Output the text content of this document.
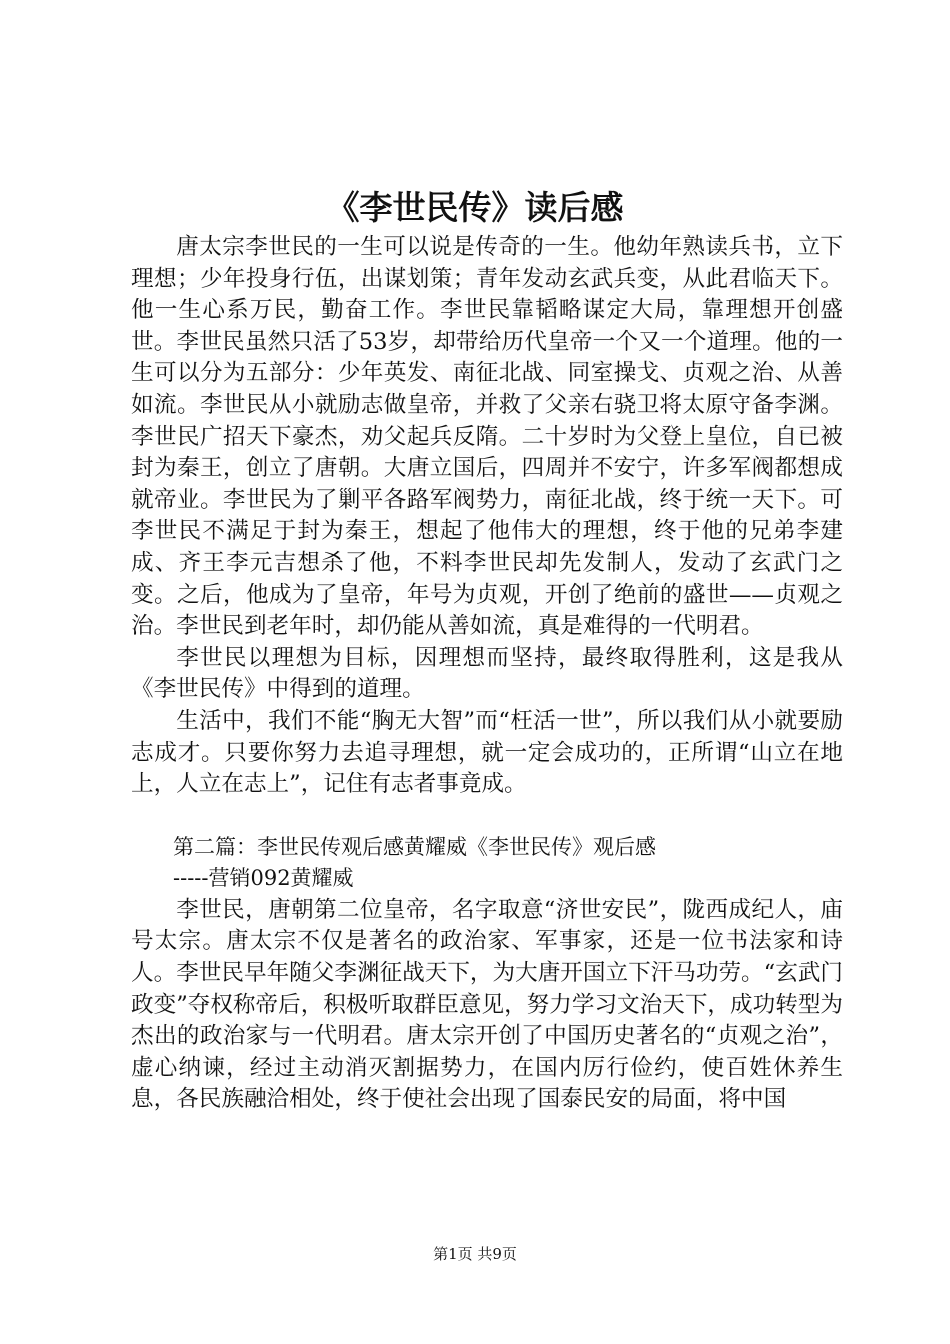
《李世民传》读后感

唐太宗李世民的一生可以说是传奇的一生。他幼年熟读兵书，立下理想；少年投身行伍，出谋划策；青年发动玄武兵变，从此君临天下。他一生心系万民，勤奋工作。李世民靠韬略谋定大局，靠理想开创盛世。李世民虽然只活了53岁，却带给历代皇帝一个又一个道理。他的一生可以分为五部分：少年英发、南征北战、同室操戈、贞观之治、从善如流。李世民从小就励志做皇帝，并救了父亲右骁卫将太原守备李渊。李世民广招天下豪杰，劝父起兵反隋。二十岁时为父登上皇位，自已被封为秦王，创立了唐朝。大唐立国后，四周并不安宁，许多军阀都想成就帝业。李世民为了剿平各路军阀势力，南征北战，终于统一天下。可李世民不满足于封为秦王，想起了他伟大的理想，终于他的兄弟李建成、齐王李元吉想杀了他，不料李世民却先发制人，发动了玄武门之变。之后，他成为了皇帝，年号为贞观，开创了绝前的盛世——贞观之治。李世民到老年时，却仍能从善如流，真是难得的一代明君。

李世民以理想为目标，因理想而坚持，最终取得胜利，这是我从《李世民传》中得到的道理。

生活中，我们不能“胸无大智”而“枉活一世”，所以我们从小就要励志成才。只要你努力去追寻理想，就一定会成功的，正所谓“山立在地上，人立在志上”，记住有志者事竟成。

第二篇：李世民传观后感黄耀威《李世民传》观后感

-----营销092黄耀威

李世民，唐朝第二位皇帝，名字取意“济世安民”，陇西成纪人，庙号太宗。唐太宗不仅是著名的政治家、军事家，还是一位书法家和诗人。李世民早年随父李渊征战天下，为大唐开国立下汗马功劳。“玄武门政变”夺权称帝后，积极听取群臣意见，努力学习文治天下，成功转型为杰出的政治家与一代明君。唐太宗开创了中国历史著名的“贞观之治”，虚心纳谏，经过主动消灭割据势力，在国内厉行俭约，使百姓休养生息，各民族融洽相处，终于使社会出现了国泰民安的局面，将中国

第1页 共9页
